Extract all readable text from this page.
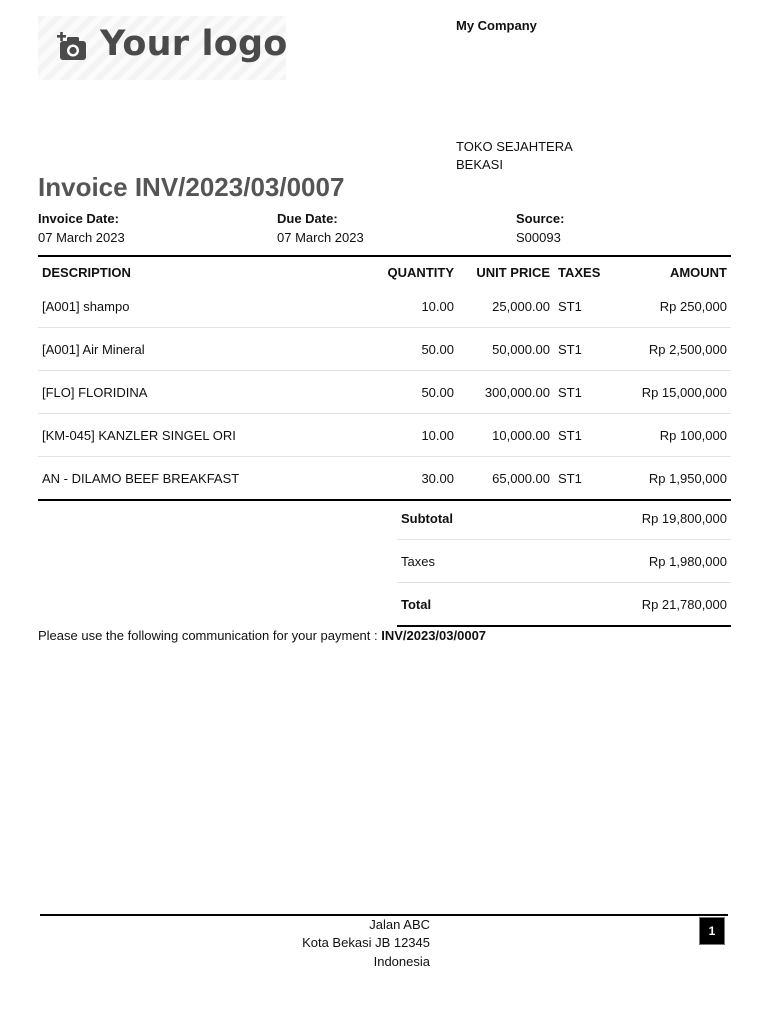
Your logo	My Company
TOKO SEJAHTERA
BEKASI
Invoice INV/2023/03/0007
Invoice Date:
07 March 2023
Due Date:
07 March 2023
Source:
S00093
DESCRIPTION	QUANTITY	UNIT PRICE	TAXES	AMOUNT
[A001] shampo	10.00	25,000.00	ST1	Rp 250,000
[A001] Air Mineral	50.00	50,000.00	ST1	Rp 2,500,000
[FLO] FLORIDINA	50.00	300,000.00	ST1	Rp 15,000,000
[KM-045] KANZLER SINGEL ORI	10.00	10,000.00	ST1	Rp 100,000
AN - DILAMO BEEF BREAKFAST	30.00	65,000.00	ST1	Rp 1,950,000
Subtotal	Rp 19,800,000
Taxes	Rp 1,980,000
Total	Rp 21,780,000
Please use the following communication for your payment : INV/2023/03/0007
Jalan ABC
Kota Bekasi JB 12345
Indonesia
1
